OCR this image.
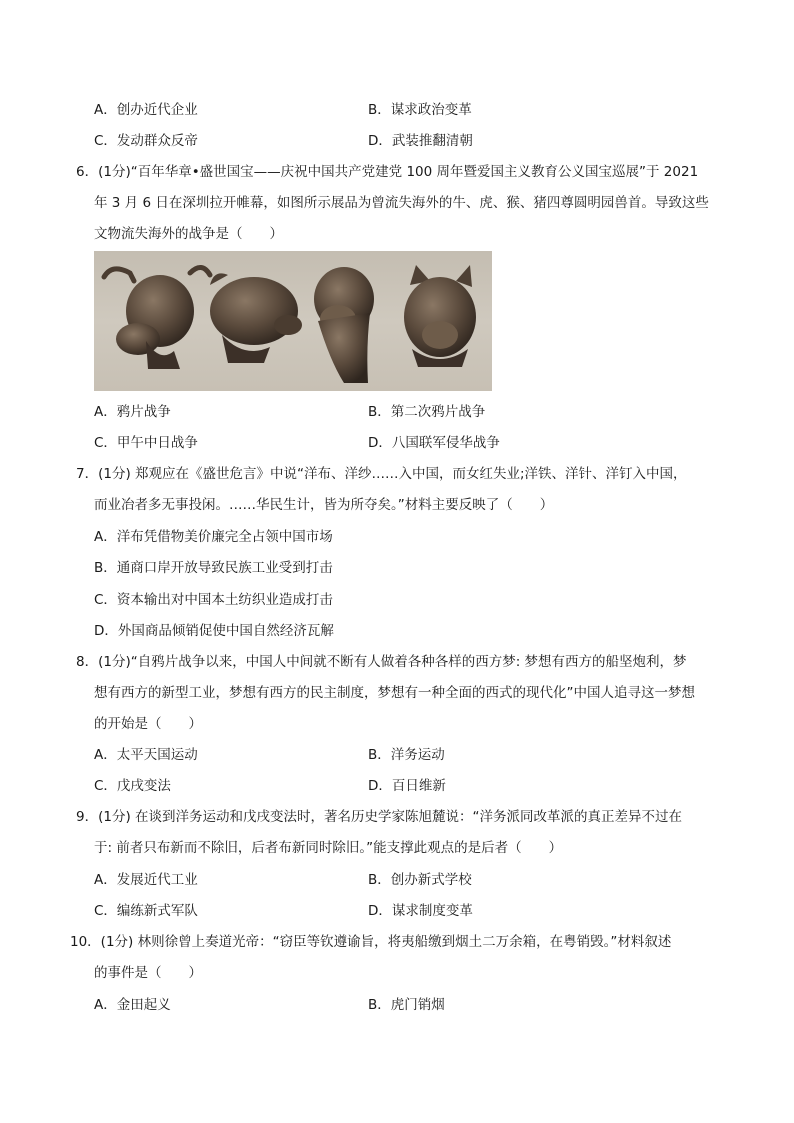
A．创办近代企业	B．谋求政治变革
C．发动群众反帝	D．武装推翻清朝
6．(1分)“百年华章•盛世国宝——庆祝中国共产党建党 100 周年暨爱国主义教育公义国宝巡展”于 2021
年 3 月 6 日在深圳拉开帷幕，如图所示展品为曾流失海外的牛、虎、猴、猪四尊圆明园兽首。导致这些
文物流失海外的战争是（　　）
A．鸦片战争	B．第二次鸦片战争
C．甲午中日战争	D．八国联军侵华战争
7．(1分) 郑观应在《盛世危言》中说“洋布、洋纱……入中国，而女红失业;洋铁、洋针、洋钉入中国，
而业冶者多无事投闲。……华民生计，皆为所夺矣。”材料主要反映了（　　）
A．洋布凭借物美价廉完全占领中国市场
B．通商口岸开放导致民族工业受到打击
C．资本输出对中国本土纺织业造成打击
D．外国商品倾销促使中国自然经济瓦解
8．(1分)“自鸦片战争以来，中国人中间就不断有人做着各种各样的西方梦: 梦想有西方的船坚炮利，梦
想有西方的新型工业，梦想有西方的民主制度，梦想有一种全面的西式的现代化”中国人追寻这一梦想
的开始是（　　）
A．太平天国运动	B．洋务运动
C．戊戌变法	D．百日维新
9．(1分) 在谈到洋务运动和戊戌变法时，著名历史学家陈旭麓说：“洋务派同改革派的真正差异不过在
于: 前者只布新而不除旧，后者布新同时除旧。”能支撑此观点的是后者（　　）
A．发展近代工业	B．创办新式学校
C．编练新式军队	D．谋求制度变革
10．(1分) 林则徐曾上奏道光帝：“窃臣等钦遵谕旨，将夷船缴到烟土二万余箱，在粤销毁。”材料叙述
的事件是（　　）
A．金田起义	B．虎门销烟
